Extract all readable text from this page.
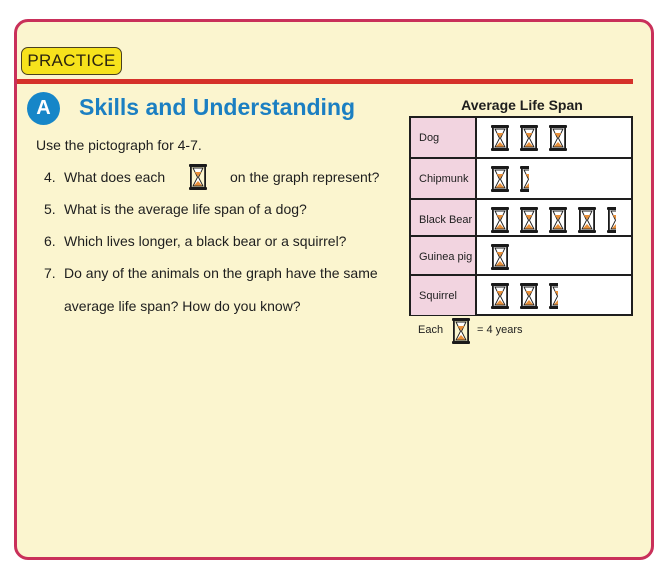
PRACTICE
A	Skills and Understanding
Use the pictograph for 4-7.
4. What does each	on the graph represent?
5. What is the average life span of a dog?
6. Which lives longer, a black bear or a squirrel?
7. Do any of the animals on the graph have the same
average life span? How do you know?
Average Life Span
Dog
Chipmunk
Black Bear
Guinea pig
Squirrel
Each	= 4 years
